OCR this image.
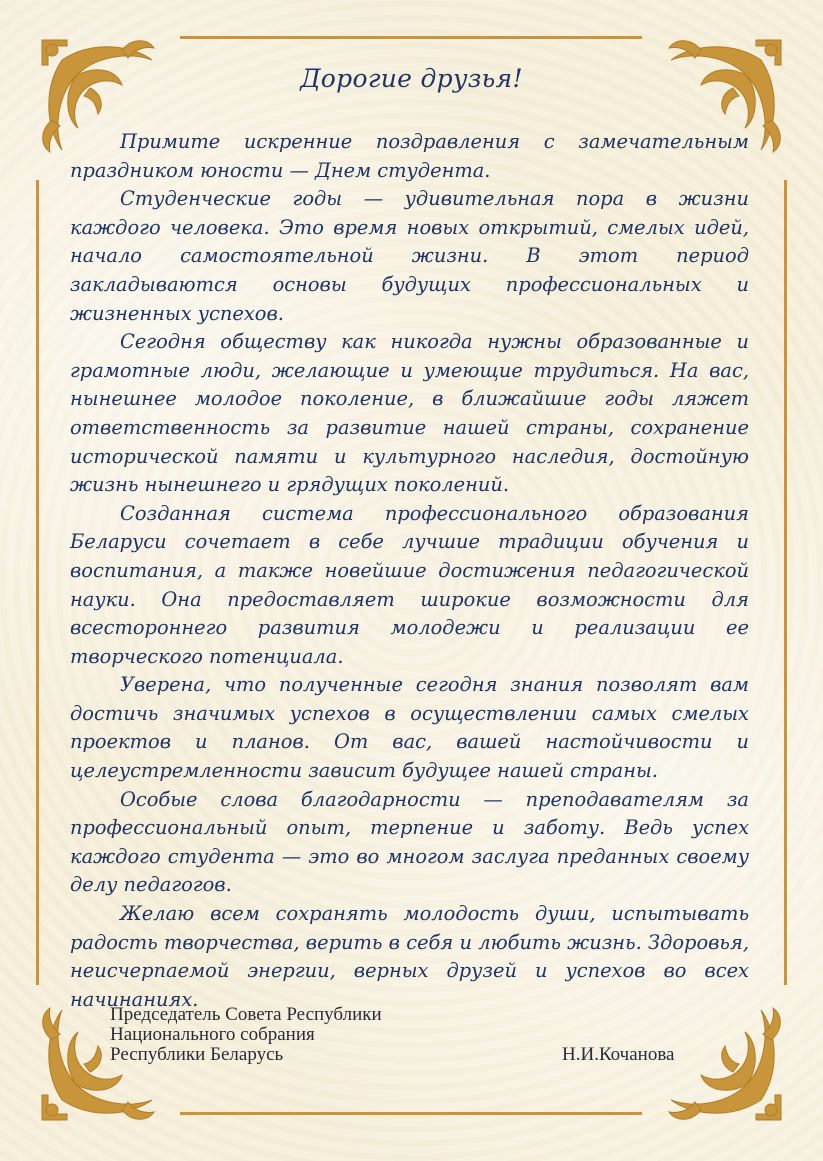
Дорогие друзья!

Примите искренние поздравления с замечательным праздником юности — Днем студента.

Студенческие годы — удивительная пора в жизни каждого человека. Это время новых открытий, смелых идей, начало самостоятельной жизни. В этот период закладываются основы будущих профессиональных и жизненных успехов.

Сегодня обществу как никогда нужны образованные и грамотные люди, желающие и умеющие трудиться. На вас, нынешнее молодое поколение, в ближайшие годы ляжет ответственность за развитие нашей страны, сохранение исторической памяти и культурного наследия, достойную жизнь нынешнего и грядущих поколений.

Созданная система профессионального образования Беларуси сочетает в себе лучшие традиции обучения и воспитания, а также новейшие достижения педагогической науки. Она предоставляет широкие возможности для всестороннего развития молодежи и реализации ее творческого потенциала.

Уверена, что полученные сегодня знания позволят вам достичь значимых успехов в осуществлении самых смелых проектов и планов. От вас, вашей настойчивости и целеустремленности зависит будущее нашей страны.

Особые слова благодарности — преподавателям за профессиональный опыт, терпение и заботу. Ведь успех каждого студента — это во многом заслуга преданных своему делу педагогов.

Желаю всем сохранять молодость души, испытывать радость творчества, верить в себя и любить жизнь. Здоровья, неисчерпаемой энергии, верных друзей и успехов во всех начинаниях.

Председатель Совета Республики
Национального собрания
Республики Беларусь	Н.И.Кочанова
